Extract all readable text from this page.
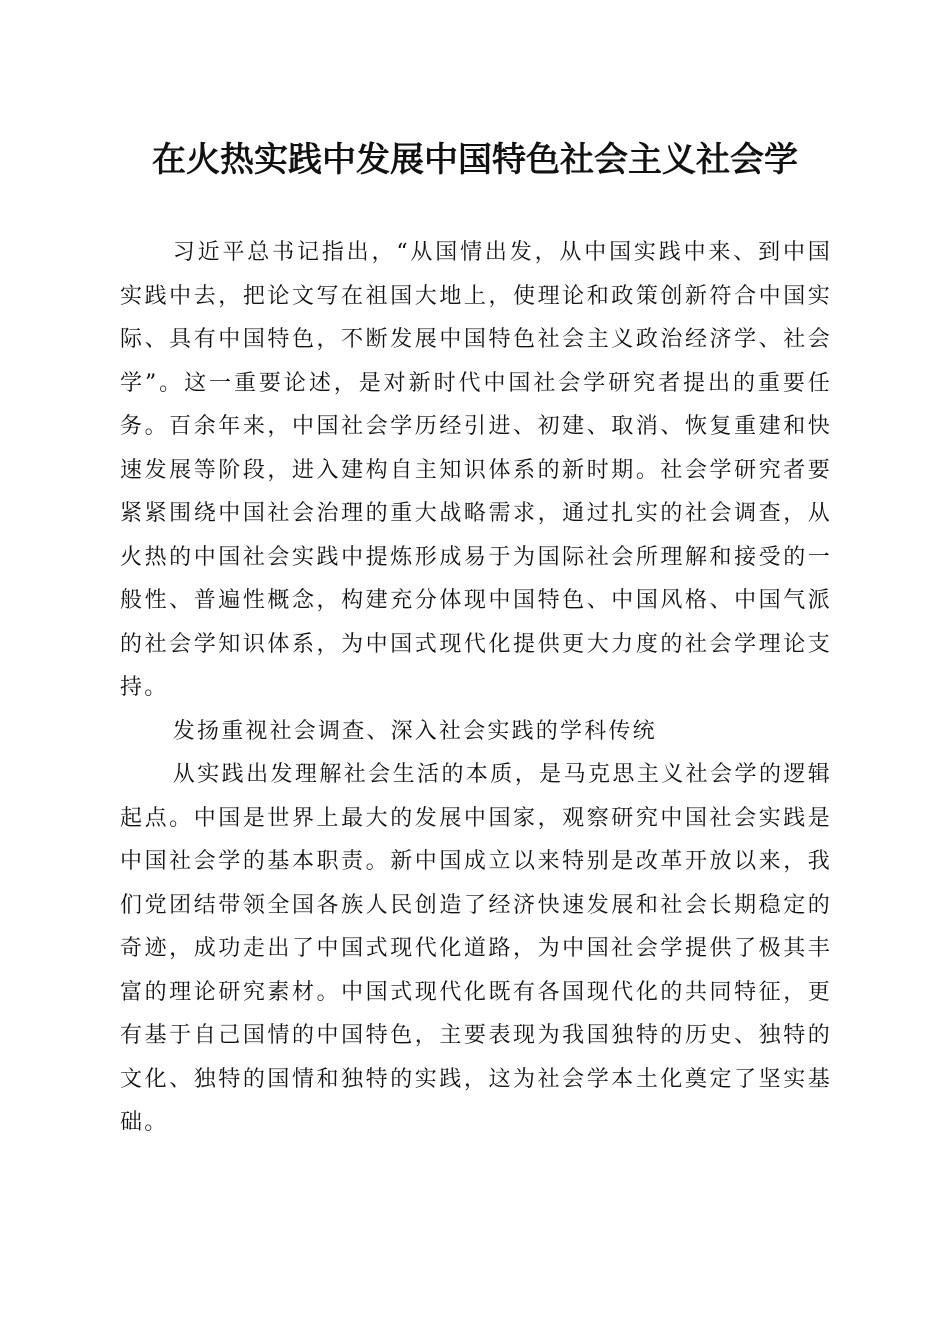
在火热实践中发展中国特色社会主义社会学

习近平总书记指出，“从国情出发，从中国实践中来、到中国实践中去，把论文写在祖国大地上，使理论和政策创新符合中国实际、具有中国特色，不断发展中国特色社会主义政治经济学、社会学”。这一重要论述，是对新时代中国社会学研究者提出的重要任务。百余年来，中国社会学历经引进、初建、取消、恢复重建和快速发展等阶段，进入建构自主知识体系的新时期。社会学研究者要紧紧围绕中国社会治理的重大战略需求，通过扎实的社会调查，从火热的中国社会实践中提炼形成易于为国际社会所理解和接受的一般性、普遍性概念，构建充分体现中国特色、中国风格、中国气派的社会学知识体系，为中国式现代化提供更大力度的社会学理论支持。

发扬重视社会调查、深入社会实践的学科传统

从实践出发理解社会生活的本质，是马克思主义社会学的逻辑起点。中国是世界上最大的发展中国家，观察研究中国社会实践是中国社会学的基本职责。新中国成立以来特别是改革开放以来，我们党团结带领全国各族人民创造了经济快速发展和社会长期稳定的奇迹，成功走出了中国式现代化道路，为中国社会学提供了极其丰富的理论研究素材。中国式现代化既有各国现代化的共同特征，更有基于自己国情的中国特色，主要表现为我国独特的历史、独特的文化、独特的国情和独特的实践，这为社会学本土化奠定了坚实基础。
